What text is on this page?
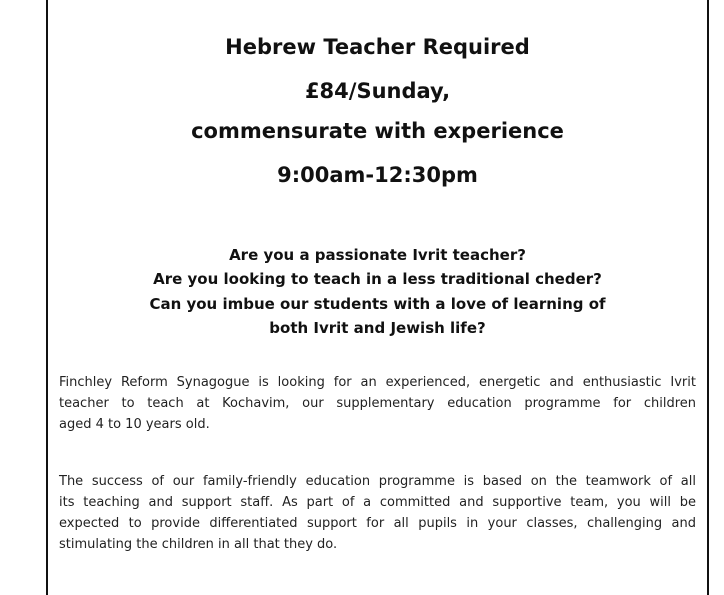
Hebrew Teacher Required
£84/Sunday,
commensurate with experience
9:00am-12:30pm
Are you a passionate Ivrit teacher?
Are you looking to teach in a less traditional cheder?
Can you imbue our students with a love of learning of
both Ivrit and Jewish life?
Finchley Reform Synagogue is looking for an experienced, energetic and enthusiastic Ivrit
teacher to teach at Kochavim, our supplementary education programme for children
aged 4 to 10 years old.
The success of our family-friendly education programme is based on the teamwork of all
its teaching and support staff. As part of a committed and supportive team, you will be
expected to provide differentiated support for all pupils in your classes, challenging and
stimulating the children in all that they do.
